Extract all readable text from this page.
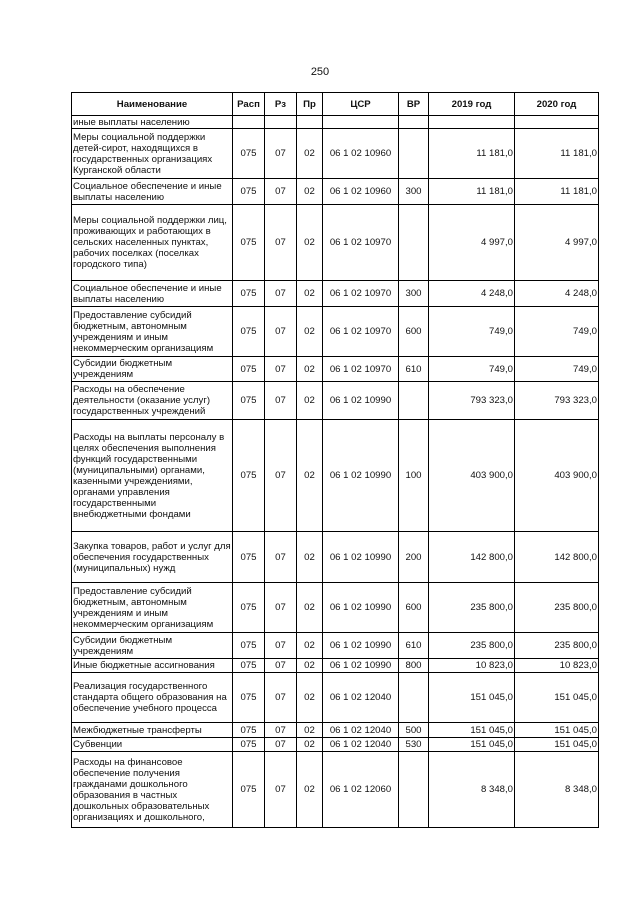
250
Наименование	Расп	Рз	Пр	ЦСР	ВР	2019 год	2020 год
иные выплаты населению							
Меры социальной поддержки детей-сирот, находящихся в государственных организациях Курганской области	075	07	02	06 1 02 10960		11 181,0	11 181,0
Социальное обеспечение и иные выплаты населению	075	07	02	06 1 02 10960	300	11 181,0	11 181,0
Меры социальной поддержки лиц, проживающих и работающих в сельских населенных пунктах, рабочих поселках (поселках городского типа)	075	07	02	06 1 02 10970		4 997,0	4 997,0
Социальное обеспечение и иные выплаты населению	075	07	02	06 1 02 10970	300	4 248,0	4 248,0
Предоставление субсидий бюджетным, автономным учреждениям и иным некоммерческим организациям	075	07	02	06 1 02 10970	600	749,0	749,0
Субсидии бюджетным учреждениям	075	07	02	06 1 02 10970	610	749,0	749,0
Расходы на обеспечение деятельности (оказание услуг) государственных учреждений	075	07	02	06 1 02 10990		793 323,0	793 323,0
Расходы на выплаты персоналу в целях обеспечения выполнения функций государственными (муниципальными) органами, казенными учреждениями, органами управления государственными внебюджетными фондами	075	07	02	06 1 02 10990	100	403 900,0	403 900,0
Закупка товаров, работ и услуг для обеспечения государственных (муниципальных) нужд	075	07	02	06 1 02 10990	200	142 800,0	142 800,0
Предоставление субсидий бюджетным, автономным учреждениям и иным некоммерческим организациям	075	07	02	06 1 02 10990	600	235 800,0	235 800,0
Субсидии бюджетным учреждениям	075	07	02	06 1 02 10990	610	235 800,0	235 800,0
Иные бюджетные ассигнования	075	07	02	06 1 02 10990	800	10 823,0	10 823,0
Реализация государственного стандарта общего образования на обеспечение учебного процесса	075	07	02	06 1 02 12040		151 045,0	151 045,0
Межбюджетные трансферты	075	07	02	06 1 02 12040	500	151 045,0	151 045,0
Субвенции	075	07	02	06 1 02 12040	530	151 045,0	151 045,0
Расходы на финансовое обеспечение получения гражданами дошкольного образования в частных дошкольных образовательных организациях и дошкольного,	075	07	02	06 1 02 12060		8 348,0	8 348,0
